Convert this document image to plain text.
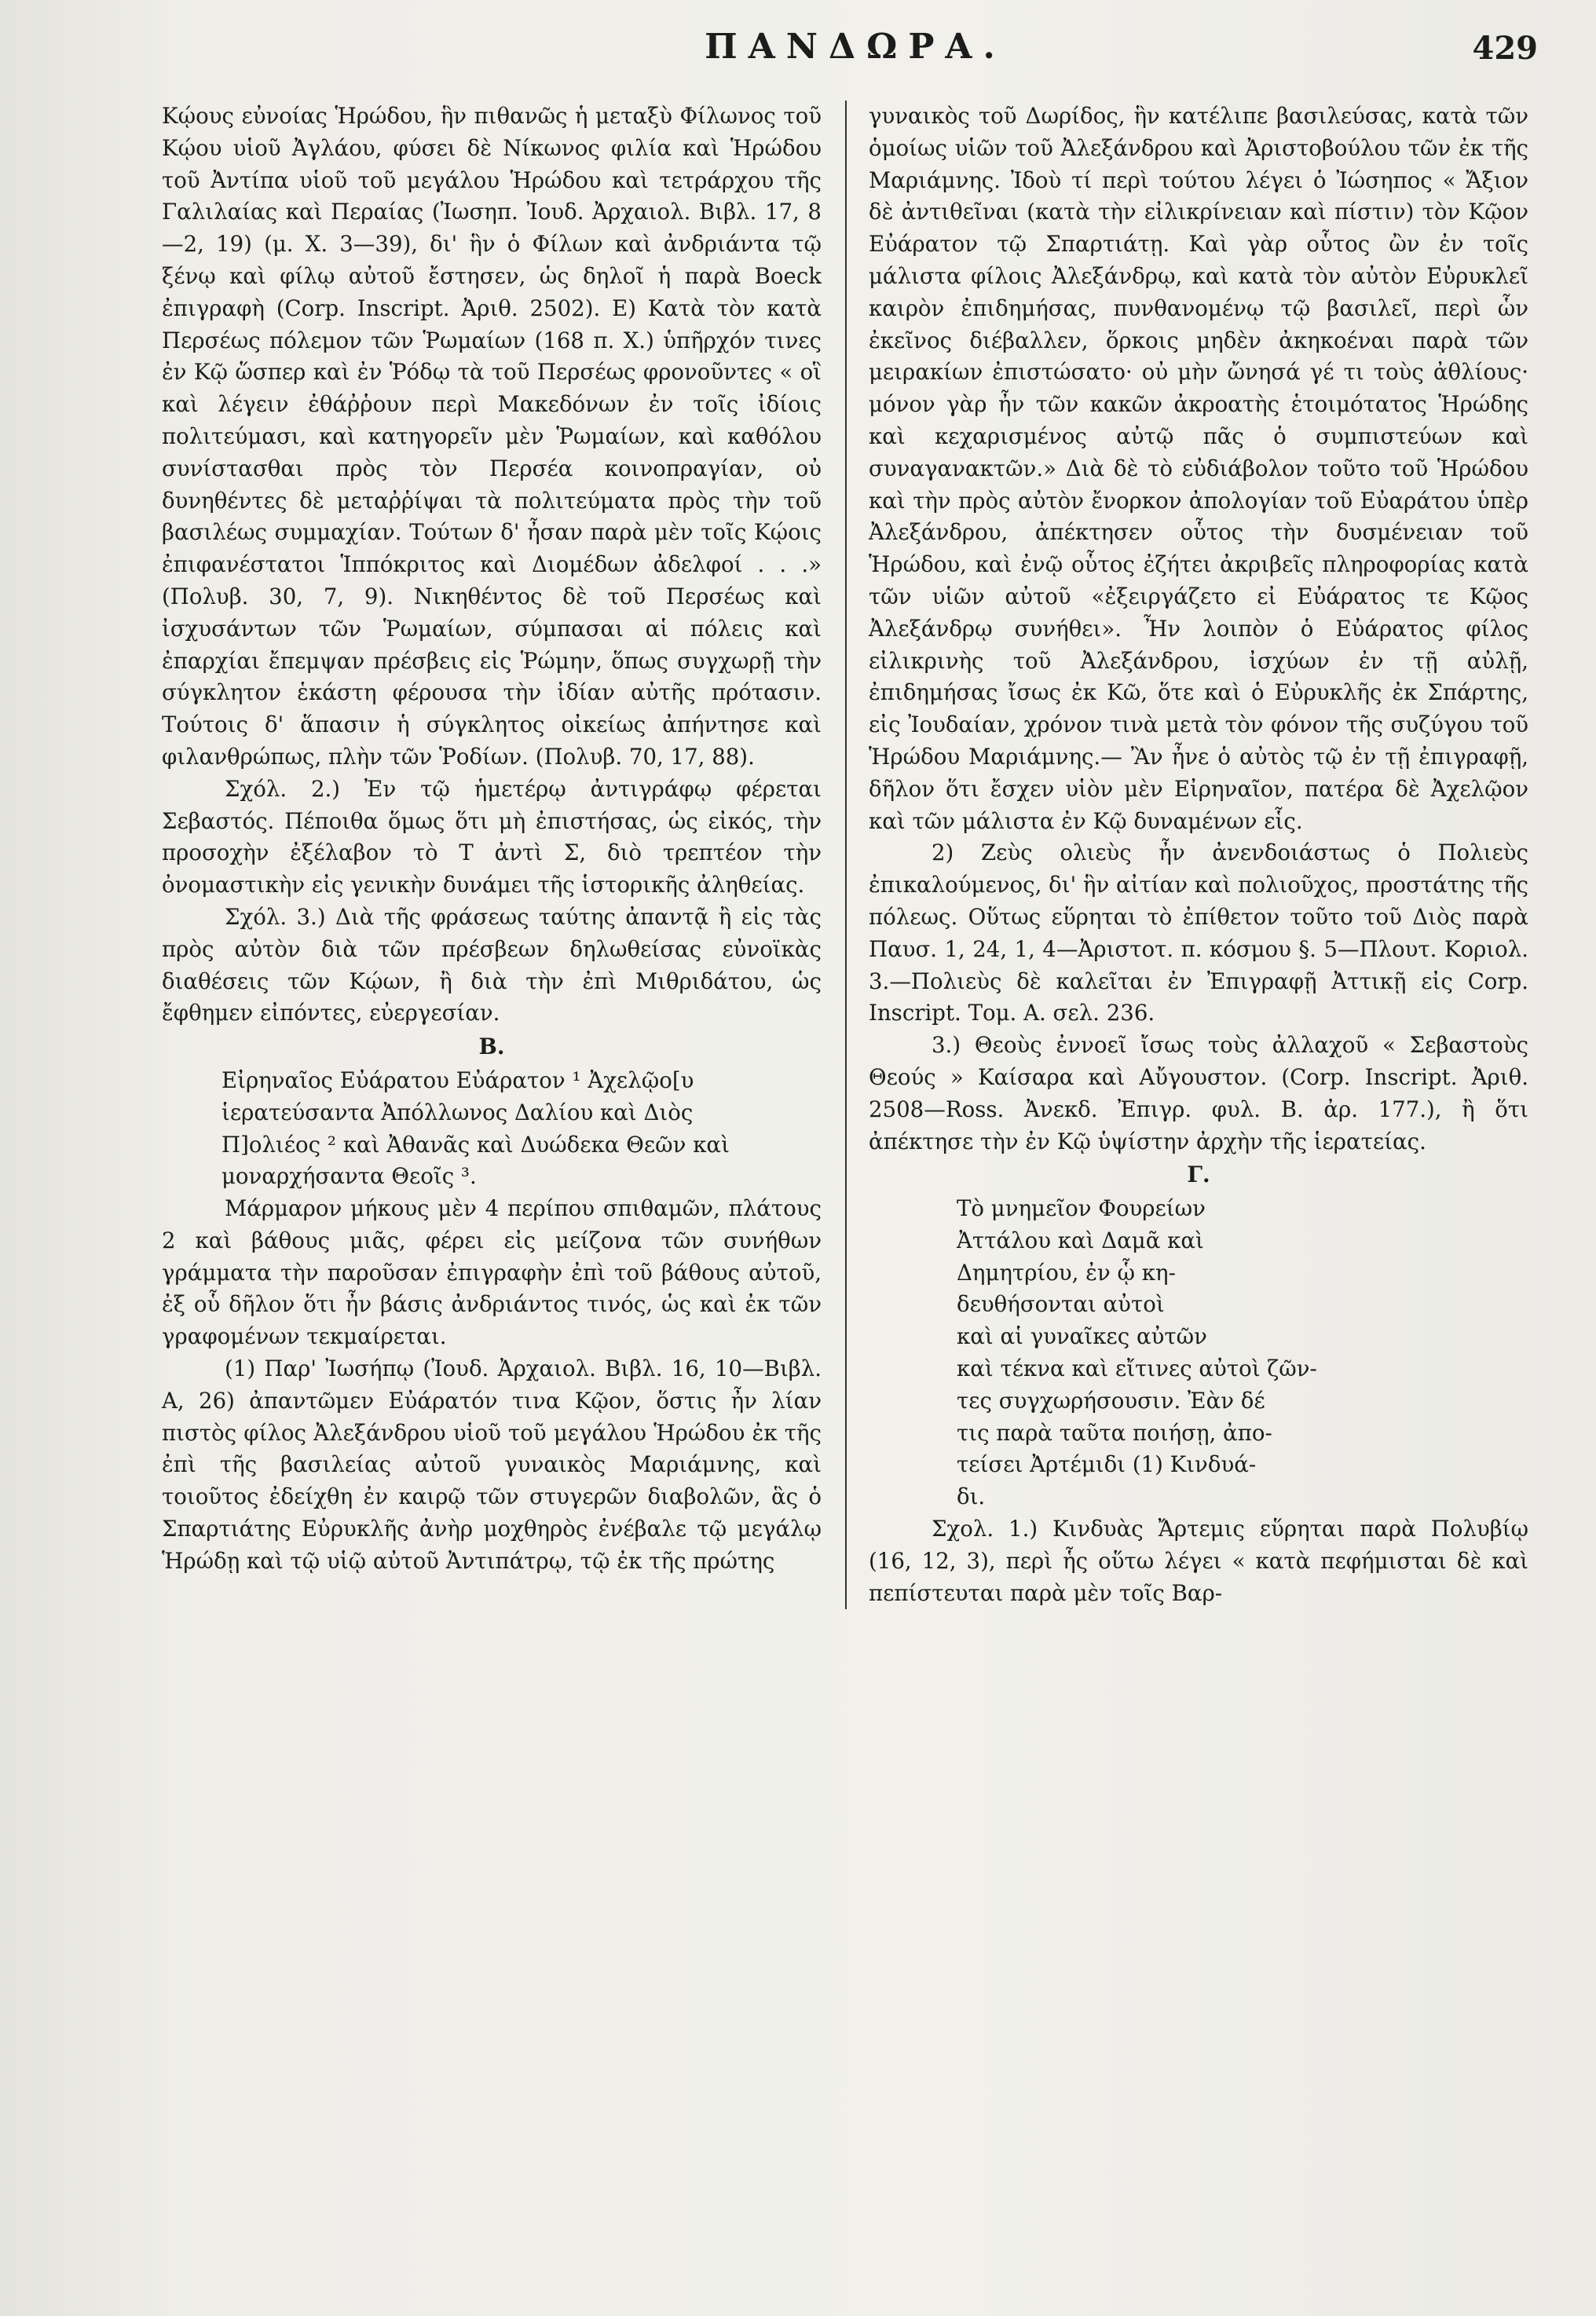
ΠΑΝΔΩΡΑ.	429

Κῴους εὐνοίας Ἡρώδου, ἣν πιθανῶς ἡ μεταξὺ Φίλωνος τοῦ Κῴου υἱοῦ Ἀγλάου, φύσει δὲ Νίκωνος φιλία καὶ Ἡρώδου τοῦ Ἀντίπα υἱοῦ τοῦ μεγάλου Ἡρώδου καὶ τετράρχου τῆς Γαλιλαίας καὶ Περαίας (Ἰωσηπ. Ἰουδ. Ἀρχαιολ. Βιβλ. 17, 8—2, 19) (μ. Χ. 3—39), δι' ἣν ὁ Φίλων καὶ ἀνδριάντα τῷ ξένῳ καὶ φίλῳ αὐτοῦ ἔστησεν, ὡς δηλοῖ ἡ παρὰ Boeck ἐπιγραφὴ (Corp. Inscript. Ἀριθ. 2502). Ε) Κατὰ τὸν κατὰ Περσέως πόλεμον τῶν Ῥωμαίων (168 π. Χ.) ὑπῆρχόν τινες ἐν Κῷ ὥσπερ καὶ ἐν Ῥόδῳ τὰ τοῦ Περσέως φρονοῦντες « οἳ καὶ λέγειν ἐθάῤῥουν περὶ Μακεδόνων ἐν τοῖς ἰδίοις πολιτεύμασι, καὶ κατηγορεῖν μὲν Ῥωμαίων, καὶ καθόλου συνίστασθαι πρὸς τὸν Περσέα κοινοπραγίαν, οὐ δυνηθέντες δὲ μεταῤῥίψαι τὰ πολιτεύματα πρὸς τὴν τοῦ βασιλέως συμμαχίαν. Τούτων δ' ἦσαν παρὰ μὲν τοῖς Κῴοις ἐπιφανέστατοι Ἱππόκριτος καὶ Διομέδων ἀδελφοί . . .» (Πολυβ. 30, 7, 9). Νικηθέντος δὲ τοῦ Περσέως καὶ ἰσχυσάντων τῶν Ῥωμαίων, σύμπασαι αἱ πόλεις καὶ ἐπαρχίαι ἔπεμψαν πρέσβεις εἰς Ῥώμην, ὅπως συγχωρῇ τὴν σύγκλητον ἑκάστη φέρουσα τὴν ἰδίαν αὐτῆς πρότασιν. Τούτοις δ' ἅπασιν ἡ σύγκλητος οἰκείως ἀπήντησε καὶ φιλανθρώπως, πλὴν τῶν Ῥοδίων. (Πολυβ. 70, 17, 88).

Σχόλ. 2.) Ἐν τῷ ἡμετέρῳ ἀντιγράφῳ φέρεται Σεβαστός. Πέποιθα ὅμως ὅτι μὴ ἐπιστήσας, ὡς εἰκός, τὴν προσοχὴν ἐξέλαβον τὸ Τ ἀντὶ Σ, διὸ τρεπτέον τὴν ὀνομαστικὴν εἰς γενικὴν δυνάμει τῆς ἱστορικῆς ἀληθείας.

Σχόλ. 3.) Διὰ τῆς φράσεως ταύτης ἀπαντᾷ ἢ εἰς τὰς πρὸς αὐτὸν διὰ τῶν πρέσβεων δηλωθείσας εὐνοϊκὰς διαθέσεις τῶν Κῴων, ἢ διὰ τὴν ἐπὶ Μιθριδάτου, ὡς ἔφθημεν εἰπόντες, εὐεργεσίαν.

Β.

Εἰρηναῖος Εὐάρατου Εὐάρατον ¹ Ἀχελῷο[υ

ἱερατεύσαντα Ἀπόλλωνος Δαλίου καὶ Διὸς

Π]ολιέος ² καὶ Ἀθανᾶς καὶ Δυώδεκα Θεῶν καὶ

μοναρχήσαντα Θεοῖς ³.

Μάρμαρον μήκους μὲν 4 περίπου σπιθαμῶν, πλάτους 2 καὶ βάθους μιᾶς, φέρει εἰς μείζονα τῶν συνήθων γράμματα τὴν παροῦσαν ἐπιγραφὴν ἐπὶ τοῦ βάθους αὐτοῦ, ἐξ οὗ δῆλον ὅτι ἦν βάσις ἀνδριάντος τινός, ὡς καὶ ἐκ τῶν γραφομένων τεκμαίρεται.

(1) Παρ' Ἰωσήπῳ (Ἰουδ. Ἀρχαιολ. Βιβλ. 16, 10—Βιβλ. Α, 26) ἀπαντῶμεν Εὐάρατόν τινα Κῷον, ὅστις ἦν λίαν πιστὸς φίλος Ἀλεξάνδρου υἱοῦ τοῦ μεγάλου Ἡρώδου ἐκ τῆς ἐπὶ τῆς βασιλείας αὐτοῦ γυναικὸς Μαριάμνης, καὶ τοιοῦτος ἐδείχθη ἐν καιρῷ τῶν στυγερῶν διαβολῶν, ἃς ὁ Σπαρτιάτης Εὐρυκλῆς ἀνὴρ μοχθηρὸς ἐνέβαλε τῷ μεγάλῳ Ἡρώδῃ καὶ τῷ υἱῷ αὐτοῦ Ἀντιπάτρῳ, τῷ ἐκ τῆς πρώτης

γυναικὸς τοῦ Δωρίδος, ἣν κατέλιπε βασιλεύσας, κατὰ τῶν ὁμοίως υἱῶν τοῦ Ἀλεξάνδρου καὶ Ἀριστοβούλου τῶν ἐκ τῆς Μαριάμνης. Ἰδοὺ τί περὶ τούτου λέγει ὁ Ἰώσηπος « Ἄξιον δὲ ἀντιθεῖναι (κατὰ τὴν εἰλικρίνειαν καὶ πίστιν) τὸν Κῷον Εὐάρατον τῷ Σπαρτιάτῃ. Καὶ γὰρ οὗτος ὢν ἐν τοῖς μάλιστα φίλοις Ἀλεξάνδρῳ, καὶ κατὰ τὸν αὐτὸν Εὐρυκλεῖ καιρὸν ἐπιδημήσας, πυνθανομένῳ τῷ βασιλεῖ, περὶ ὧν ἐκεῖνος διέβαλλεν, ὅρκοις μηδὲν ἀκηκοέναι παρὰ τῶν μειρακίων ἐπιστώσατο· οὐ μὴν ὤνησά γέ τι τοὺς ἀθλίους· μόνον γὰρ ἦν τῶν κακῶν ἀκροατὴς ἑτοιμότατος Ἡρώδης καὶ κεχαρισμένος αὐτῷ πᾶς ὁ συμπιστεύων καὶ συναγανακτῶν.» Διὰ δὲ τὸ εὐδιάβολον τοῦτο τοῦ Ἡρώδου καὶ τὴν πρὸς αὐτὸν ἔνορκον ἀπολογίαν τοῦ Εὐαράτου ὑπὲρ Ἀλεξάνδρου, ἀπέκτησεν οὗτος τὴν δυσμένειαν τοῦ Ἡρώδου, καὶ ἐνῷ οὗτος ἐζήτει ἀκριβεῖς πληροφορίας κατὰ τῶν υἱῶν αὐτοῦ «ἐξειργάζετο εἰ Εὐάρατος τε Κῷος Ἀλεξάνδρῳ συνήθει». Ἦν λοιπὸν ὁ Εὐάρατος φίλος εἰλικρινὴς τοῦ Ἀλεξάνδρου, ἰσχύων ἐν τῇ αὐλῇ, ἐπιδημήσας ἴσως ἐκ Κῶ, ὅτε καὶ ὁ Εὐρυκλῆς ἐκ Σπάρτης, εἰς Ἰουδαίαν, χρόνον τινὰ μετὰ τὸν φόνον τῆς συζύγου τοῦ Ἡρώδου Μαριάμνης.— Ἂν ἦνε ὁ αὐτὸς τῷ ἐν τῇ ἐπιγραφῇ, δῆλον ὅτι ἔσχεν υἱὸν μὲν Εἰρηναῖον, πατέρα δὲ Ἀχελῷον καὶ τῶν μάλιστα ἐν Κῷ δυναμένων εἷς.

2) Ζεὺς ολιεὺς ἦν ἀνενδοιάστως ὁ Πολιεὺς ἐπικαλούμενος, δι' ἣν αἰτίαν καὶ πολιοῦχος, προστάτης τῆς πόλεως. Οὕτως εὕρηται τὸ ἐπίθετον τοῦτο τοῦ Διὸς παρὰ Παυσ. 1, 24, 1, 4—Ἀριστοτ. π. κόσμου §. 5—Πλουτ. Κοριολ. 3.—Πολιεὺς δὲ καλεῖται ἐν Ἐπιγραφῇ Ἀττικῇ εἰς Corp. Inscript. Τομ. Α. σελ. 236.

3.) Θεοὺς ἐννοεῖ ἴσως τοὺς ἀλλαχοῦ « Σεβαστοὺς Θεούς » Καίσαρα καὶ Αὔγουστον. (Corp. Inscript. Ἀριθ. 2508—Ross. Ἀνεκδ. Ἐπιγρ. φυλ. Β. ἀρ. 177.), ἢ ὅτι ἀπέκτησε τὴν ἐν Κῷ ὑψίστην ἀρχὴν τῆς ἱερατείας.

Γ.

Τὸ μνημεῖον Φουρείων

Ἀττάλου καὶ Δαμᾶ καὶ

Δημητρίου, ἐν ᾧ κη-

δευθήσονται αὐτοὶ

καὶ αἱ γυναῖκες αὐτῶν

καὶ τέκνα καὶ εἴτινες αὐτοὶ ζῶν-

τες συγχωρήσουσιν. Ἐὰν δέ

τις παρὰ ταῦτα ποιήσῃ, ἀπο-

τείσει Ἀρτέμιδι (1) Κινδυά-

δι.

Σχολ. 1.) Κινδυὰς Ἄρτεμις εὕρηται παρὰ Πολυβίῳ (16, 12, 3), περὶ ἧς οὕτω λέγει « κατὰ πεφήμισται δὲ καὶ πεπίστευται παρὰ μὲν τοῖς Βαρ-
